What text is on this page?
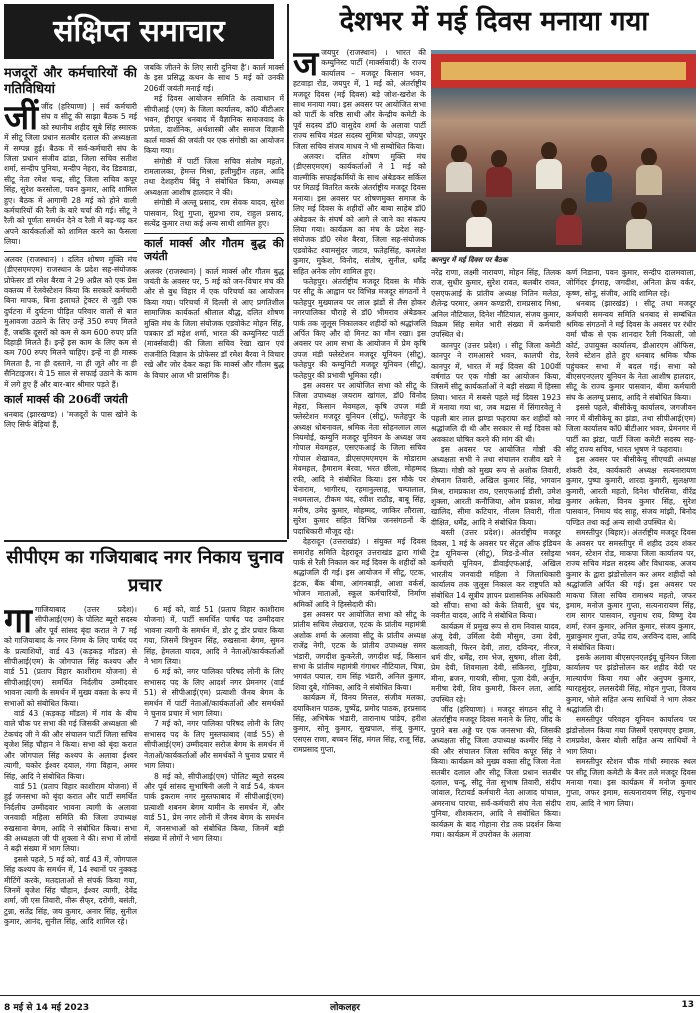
संक्षिप्त समाचार	देशभर में मई दिवस मनाया गया
मजदूरों और कर्मचारियों की गतिविधियां
जींजींद (हरियाणा) | सर्व कर्मचारी संघ व सीटू की साझा बैठक 5 मई को स्थानीय शहीद सूबे सिंह स्मारक में सीटू जिला प्रधान सतबीर दलाल की अध्यक्षता में सम्पन्न हुई। बैठक में सर्व-कर्मचारी संघ के जिला प्रधान संजीव ढांडा, जिला सचिव सतीश शर्मा, सन्दीप पुनिया, मन्दीप नेहरा, वेद डिडवाडा, सीटू नेता रमेश चन्द्र, सीटू जिला सचिव कपूर सिंह, सुरेश करसोला, पवन कुमार, आदि शामिल हुए। बैठक में आगामी 28 मई को होने वाली कर्मचारियों की रैली के बारे चर्चा की गई। सीटू ने रैली को पूर्णतः समर्थन देने व रैली में बढ़-चढ़ कर अपने कार्यकर्ताओं को शामिल करने का फैसला लिया।
अलवर (राजस्थान) । दलित शोषण मुक्ति मंच (डीएसएमएम) राजस्थान के प्रदेश सह-संयोजक प्रोफेसर डॉ रमेश बैरवा ने 29 अप्रैल को एक प्रेस वक्तव्य में रेलवेस्टेशन किया कि सरकारें कर्मचारी बिना मापक, बिना इलाचते ट्रेक्टर से जुड़ी एक दुर्घटना में दुर्घटना पीड़ित परिवार वालों से बात मुआवजा उठाने के लिए उन्हें 350 रुपए मिलते हैं, जबकि दूसरों को कम से कम 600 रुपए प्रति दिहाड़ी मिलते हैं। इन्हें इस काम के लिए कम से कम 700 रुपए मिलने चाहिए। इन्हें ना ही मास्क मिलता है, ना ही दस्ताने, ना ही जूते और ना ही सैनिटाइजर। ये 15 साल से सफाई उठाने के काम में लगे हुए हैं और बार-बार श्रीमार पड़ते हैं।
कार्ल मार्क्स की 206वीं जयंती
धनबाद (झारखण्ड) । 'मजदूरों के पास खोने के लिए सिर्फ बेड़ियां हैं,
जबकि जीतने के लिए सारी दुनिया है'। कार्ल मार्क्स के इस प्रसिद्ध कथन के साथ 5 मई को उनकी 206वीं जयंती मनाई गई।

मई दिवस आयोजन समिति के तत्वाधान में सीपीआई (एम) के जिला कार्यालय, कॉ0 बीटीआर भवन, हीरापुर धनबाद में वैज्ञानिक समाजवाद के प्रणेता, दार्शनिक, अर्थशास्त्री और समाज विज्ञानी कार्ल मार्क्स की जयंती पर एक संगोष्ठी का आयोजन किया गया।

संगोष्ठी में पार्टी जिला सचिव संतोष महतो, रामलालका, हेमन्त मिश्रा, हलीमुद्दीन तहल, आदि तथा देशहरीय बिंदु ने संबोधित किया, अध्यक्ष अध्यक्षता आशीष हालदार ने की।

संगोष्ठी में अल्लू प्रसाद, राम सेवक यादव, सुरेश पासवान, रिशु गुप्ता, सुप्रभा राय, राहुल प्रसाद, सत्येंद्र कुमार तथा कई अन्य साथी शामिल हुए।

कार्ल मार्क्स और गौतम बुद्ध की जयंती
अलवर (राजस्थान) | कार्ल मार्क्स और गौतम बुद्ध जयंती के अवसर पर, 5 मई को जन-विचार मंच की ओर से बुध विहार में एक परिचर्चा का आयोजन किया गया। परिचर्चा में दिल्ली से आए प्रगतिशील सामाजिक कार्यकर्ता श्रीलाल बौद्ध, दलित शोषण मुक्ति मंच के जिला संयोजक एडवोकेट मोहन सिंह, पत्रकार डॉ महेश शर्मा, भारत की कम्युनिस्ट पार्टी (मार्क्सवादी) की जिला सचिव रेखा खान एवं राजनीति विज्ञान के प्रोफेसर डॉ रमेश बैरवा ने विचार रखे और जोर देकर कहा कि मार्क्स और गौतम बुद्ध के विचार आज भी प्रासंगिक हैं।
सीपीएम का गजियाबाद नगर निकाय चुनाव प्रचार
गागाजियाबाद (उत्तर प्रदेश)। सीपीआई(एम) के पोलिट ब्यूरो सदस्य और पूर्व सांसद बृंदा करात ने 7 मई को गाजियाबाद के नगर निगम के लिए पार्षद पद के प्रत्याशियों, वार्ड 43 (कड़कड़ मॉडल) से सीपीआई(एम) के जोगपाल सिंह कश्यप और वार्ड 51 (प्रताप विहार काशीराम योजना) से सीपीआई(एम) समर्थित निर्दलीय उम्मीदवार भावना त्यागी के समर्थन में मुख्य वक्ता के रूप में सभाओं को संबोधित किया।

वार्ड 43 (कड़कड़ मॉडल) में गांव के बीच वाले चौक पर सभा की गई जिसकी अध्यक्षता श्री टेकचंद जी ने की और संचालन पार्टी जिला सचिव बृजेश सिंह चौहान ने किया। सभा को बृंदा करात और जोगपाल सिंह कश्यप के अलावा ईश्वर त्यागी, चकोर ईश्वर दयाल, गंगा विहान, अमर सिंह, आदि ने संबोधित किया।

वार्ड 51 (प्रताप विहार काशीराम योजना) में हुई जनसभा को बृंदा करात और पार्टी समर्थित निर्दलीय उम्मीदवार भावना त्यागी के अलावा जनवादी महिला समिति की जिला उपाध्यक्ष रुखसाना बेगम, आदि ने संबोधित किया। सभा की अध्यक्षता जी पी शुक्ला ने की। सभा में लोगों ने बढ़ी संख्या में भाग लिया।

इससे पहले, 5 मई को, वार्ड 43 में, जोगपाल सिंह कश्यप के समर्थन में, 14 स्थानों पर नुक्कड़ मीटिंगें करके, मतदाताओं से संपर्क किया गया, जिनमें बृजेश सिंह चौहान, ईश्वर त्यागी, देवेंद्र शर्मा, जी एस तिवारी, नीरू सैफ्‌र, दरोगी, बसंती, टुन्ना, सतेंद्र सिंह, जय कुमार, अनार सिंह, सुनील कुमार, आनंद, सुनील सिंह, आदि शामिल रहे।

6 मई को, वार्ड 51 (प्रताप विहार काशीराम योजना) में, पार्टी समर्थित पार्षद पद उम्मीदवार भावना त्यागी के समर्थन में, डोर टू डोर प्रचार किया गया, जिसमें त्रिभुवन सिंह, रुखसाना बेगम, सुमन सिंह, हेमलता यादव, आदि ने नेताओं/कार्यकर्ताओं ने भाग लिया।

6 मई को, नगर पालिका परिषद लोनी के लिए सभासद पद के लिए आदर्श नगर प्रेमनगर (वार्ड 51) से सीपीआई(एम) प्रत्याशी जैनब बेगम के समर्थन में पार्टी नेताओं/कार्यकर्ताओं और समर्थकों ने चुनाव प्रचार में भाग लिया।

7 मई को, नगर पालिका परिषद लोनी के लिए सभासद पद के लिए मुस्तफाबाद (वार्ड 55) से सीपीआई(एम) उम्मीदवार सरोज बेगम के समर्थन में नेताओं/कार्यकर्ताओं और समर्थकों ने चुनाव प्रचार में भाग लिया।

8 मई को, सीपीआई(एम) पोलिट ब्यूरो सदस्य और पूर्व सांसद सुभाषिनी अली ने वार्ड 54, कंचन पार्क इकराम नगर मुस्तफाबाद में सीपीआई(एम) प्रत्याशी शबनम बेगम यामीन के समर्थन में, और वार्ड 51, प्रेम नगर लोनी में जैनब बेगम के समर्थन में, जनसभाओं को संबोधित किया, जिनमें बड़ी संख्या में लोगों ने भाग लिया।

जजयपुर (राजस्थान) । भारत की कम्युनिस्ट पार्टी (मार्क्सवादी) के राज्य कार्यालय – मजदूर किसान भवन, हटवाड़ा रोड, जयपुर में, 1 मई को, अंतर्राष्ट्रीय मजदूर दिवस (मई दिवस) बड़े जोश-खरोश के साथ मनाया गया। इस अवसर पर आयोजित सभा को पार्टी के वरिष्ठ साथी और केन्द्रीय कमेटी के पूर्व सदस्य डॉ0 वासुदेव शर्मा के अलावा पार्टी राज्य सचिव मंडल सदस्य सुमित्रा चोपड़ा, जयपुर जिला सचिव संजय माधव ने भी सम्बोधित किया।

अलवर। दलित शोषण मुक्ति मंच (डीएसएमएम) कार्यकर्ताओं ने 1 मई को वाल्मीकि सफाईकर्मियों के साथ अंबेडकर सर्किल पर मिठाई वितरित करके अंतर्राष्ट्रीय मजदूर दिवस मनाया। इस अवसर पर शोषणमुक्त समाज के लिए मई दिवस के शहीदों और बाबा साहेब डॉ0 अंबेडकर के संघर्ष को आगे ले जाने का संकल्प लिया गया। कार्यक्रम का मंच के प्रदेश सह-संयोजक डॉ0 रमेश बैरवा, जिला सह-संयोजक एडवोकेट श्यामसुंदर जाटव, फतेहसिंह, कमलेश कुमार, मुकेश, विनोद, संतोष, सुनील, धर्मेंद्र सहित अनेक लोग शामिल हुए।

फतेहपुर। अंतर्राष्ट्रीय मजदूर दिवस के मौके पर सीटू के आह्वान पर विभिन्न मजदूर संगठनों ने फतेहपुर मुख्यालय पर लाल झंडों से लैस होकर नगरपालिका चौराहे से डॉ0 भीमराव अंबेडकर पार्क तक जुलूस निकालकर शहीदों को श्रद्धांजलि अर्पित किए और दो मिनट का मौन रखा। इस अवसर पर आम सभा के आयोजन में प्रेम कृषि उपज मंडी फ्लेस्टेशन मजदूर यूनियन (सीटू), फतेहपुर की कम्युनिटी मजदूर यूनियन (सीटू), फतेहपुर की प्रभावी भूमिका रही।

इस अवसर पर आयोजित सभा को सीटू के जिला उपाध्यक्ष जयराम खांगल, डॉ0 विनोद मेहरा, किसान मेवमहल, कृषि उपज मंडी फ्लेस्टेशन मजदूर यूनियन (सीटू), फतेहपुर के अध्यक्ष धोबनावल, श्रमिक नेता सोहनलाल लाल नियमोई, कम्युनि मजदूर यूनियन के अध्यक्ष जय गोपाल मेवमहल, एसएफआई के जिला सचिव गोपाल शेखावत, डीएसएमएमएम के मोडाराम मेवमहल, हैमाराम बेरवा, भरत छीला, मोहम्मद रफी, आदि ने संबोधित किया। इस मौके पर चेनाराम, भागीरथ, रहमानुल्लाह, चम्पालाल, नथमलाल, टीकम चंद, रवीश राठौड़, बाबू सिंह, मनीष, उमेद कुमार, मोहम्मद, जाकिर लौराला, सुरेश कुमार सहित विभिन्न जनसंगठनों के पदाधिकारी मौजूद रहे।

देहरादून (उत्तराखंड) । संयुक्त मई दिवस समारोह समिति देहरादून उत्तराखंड द्वारा गांधी पार्क से रैली निकाल कर मई दिवस के शहीदों को श्रद्धांजलि दी गई। इस आयोजन में सीटू, एटक, इंटक, बैंक बीमा, आंगनबाड़ी, आशा वर्कर्स, भोजन माताओं, स्कूल कर्मचारियों, निर्माण श्रमिकों आदि ने हिस्सेदारी की।

इस अवसर पर आयोजित सभा को सीटू के प्रांतीय सचिव लेखराज, एटक के प्रांतीय महामंत्री अशोक शर्मा के अलावा सीटू के प्रांतीय अध्यक्ष राजेंद्र नेगी, एटक के प्रांतीय उपाध्यक्ष समर भंडारी, जगदीश कुकरेती, जगदीश घई, किसान सभा के प्रांतीय महामंत्री गंगाधर नौटियाल, चित्रा, भगवंत पयाल, राम सिंह भंडारी, अनिल कुमार, शिवा दुबे, गोनिका, आदि ने संबोधित किया।

कार्यक्रम में, विनय मित्तल, संजीव मलका, दयाकिशन पाठक, पुष्पेंद्र, प्रमोद पाठक, हरप्रसाद सिंह, अभिषेक भंडारी, तारानाथ पांडेय, हरीश कुमार, सोनू कुमार, सुखपाल, संजू कुमार, एसएस राणा, बच्चन सिंह, मंगल सिंह, राजू सिंह, रामप्रसाद गुप्ता,

कानपुर में मई दिवस पर बैठक
नरेंद्र राणा, लक्ष्मी नारायण, मोहन सिंह, तिलक राज, सुधीर कुमार, सुरेश रावत, बलबीर रावत, एसएफआई के प्रांतीय अध्यक्ष नितिन मलेठा, शैलेन्द्र परमार, अमन कण्डारी, रामप्रसाद मिश्रा, अनिल नौटियाल, दिनेश नौटियाल, संजय कुमार, विक्रम सिंह समेत भारी संख्या में कर्मचारी उपस्थित थे।

कानपुर (उत्तर प्रदेश) । सीटू जिला कमेटी कानपुर ने रामआसरे भवन, कालपी रोड, कानपुर में, भारत में मई दिवस की 100वीं वर्षगांठ पर एक गोष्ठी का आयोजन किया, जिसमें सीटू कार्यकर्ताओं ने बड़ी संख्या में हिस्सा लिया। भारत में सबसे पहले मई दिवस 1923 में मनाया गया था, जब मद्रास में सिंगारवेलू ने पहली बार लाल झण्डा फहराया कर शहीदों को श्रद्धांजलि दी थी और सरकार से मई दिवस को अवकाश घोषित करने की मांग की थी।

इस अवसर पर आयोजित गोष्ठी की अध्यक्षता सभी ने तथा संचालन राजीव खरे ने किया। गोष्ठी को मुख्य रूप से अशोक तिवारी, शेषनाग तिवारी, अखिल कुमार सिंह, भगवान मिश्र, रामप्रकाश राय, एसएफआई डीसी, उमेश शुक्ला, आरती कनौजिया, ओम प्रकाश, मोख खालिद, सीमा कटियार, नीलम तिवारी, गीता दीक्षित, धर्मेंद्र, आदि ने संबोधित किया।

बस्ती (उत्तर प्रदेश)। अंतर्राष्ट्रीय मजदूर दिवस, 1 मई के अवसर पर सेंट्रल ऑफ इंडियन ट्रेड यूनियन्स (सीटू), मिड-डे-मील रसोइया कर्मचारी यूनियन, डीवाईएफआई, अखिल भारतीय जनवादी महिला ने जिलाधिकारी कार्यालय तक जुलूस निकाल कर राष्ट्रपति को संबोधित 14 सूत्रीय ज्ञापन प्रशासनिक अधिकारी को सौंपा। सभा को केके तिवारी, धुव चंद, नवनीत यादव, आदि ने संबोधित किया।

कार्यक्रम में प्रमुख रूप से राम निवास यादव, अंजू देवी, उर्मिला देवी मौसुम, उमा देवी, कलावती, फिरन देवी, तारा, दविन्दर, नीरज, धर्म वीर, धर्मेंद्र, राम भेज, सुषमा, शीला देवी, प्रेम देवी, शिवमाला देवी, संकिनरा, गुड़िया, मीना, ब्रजन, गायत्री, सीमा, पूजा देवी, अर्जुन, मनीषा देवी, शिव कुमारी, किरन लता, आदि उपस्थित रहे।

जींद (हरियाणा) । मजदूर संगठन सीटू ने अंतर्राष्ट्रीय मजदूर दिवस मनाने के लिए, जींद के पुराने बस अड्डे पर एक जनसभा की, जिसकी अध्यक्षता सीटू जिला उपाध्यक्ष कश्मीर सिंह ने की और संचालन जिला सचिव कपूर सिंह ने किया। कार्यक्रम को मुख्य वक्ता सीटू जिला नेता सतबीर दलाल और सीटू जिला प्रधान सतबीर दलाल, चन्दू, सीटू नेता सुभाष तिवारी, संदीप जांवाल, रिटायर्ड कर्मचारी नेता आजाद पांचाल, अमरनाथ पारचा, सर्व-कर्मचारी संघ नेता संदीप पुनिया, शीशकरान, आदि ने संबोधित किया। कार्यक्रम के बाद गोहाना रोड तक प्रदर्शन किया गया। कार्यक्रम में उपरोक्त के अलावा

कर्ण निडाना, पवन कुमार, सन्दीप दालमवाला, जोगिंदर ईगराह, जगदीश, अनिता क्रेच वर्कर, कृष्ण, सोनू, संजीव, आदि शामिल रहे।

धनबाद (झारखंड) । सीटू तथा मजदूर कर्मचारी समन्वय समिति धनबाद से सम्बंधित श्रमिक संगठनों ने मई दिवस के अवसर पर रंधीर वर्मा चौक से एक शानदार रैली निकाली, जो कोर्ट, उपायुक्त कार्यालय, डीआरएम ऑफिस, रेलवे स्टेशन होते हुए धनबाद श्रमिक चौक पहुंचकर सभा में बदल गई। सभा को बीएसएनएलए यूनियन के नेता आशीष हालदार, सीटू के राज्य कुमार पासवान, बीमा कर्मचारी संघ के अलग्यू प्रसाद, आदि ने संबोधित किया।

इससे पहले, बीसीकेयू कार्यालय, जगजीवन नगर में बीसीकेयू का झंडा, तथा सीपीआई(एम) जिला कार्यालय कॉ0 बीटीआर भवन, प्रेमनगर में पार्टी का झंडा, पार्टी जिला कमेटी सदस्य सह-सीटू राज्य सचिव, भारत भूषण ने फहराया।

इस अवसर पर बीसीकेयू सीएचडी अध्यक्ष शंकरी देव, कार्यकारी अध्यक्ष सत्यनारायण कुमार, पुष्पा कुमारी, शारदा कुमारी, सुलक्षणा कुमारी, आरती महतो, दिनेश चौरसिया, वीरेंद्र कुमार अकेला, विनय कुमार सिंह, सुरेश पासवान, निमाय चंद साहू, संजय मांझी, बिनोद पण्डित तथा कई अन्य साथी उपस्थित थे।

समस्तीपुर (बिहार)। अंतर्राष्ट्रीय मजदूर दिवस के अवसर पर समस्तीपुर में शहीद उदय शंकर भवन, स्टेशन रोड, माकपा जिला कार्यालय पर, राज्य सचिव मंडल सदस्य और विधायक, अजय कुमार के द्वारा झंडोत्तोलन कर अमर शहीदों को श्रद्धांजलि अर्पित की गई। इस अवसर पर माकपा जिला सचिव रामाश्रय महतो, जफर इमाम, मनोज कुमार गुप्ता, सत्यनारायण सिंह, राम सागर पासवान, रघुनाथ राय, विष्णु देव शर्मा, रंजन कुमार, अनिल कुमार, संजय कुमार, मुन्नाकुमार गुप्ता, उपेंद्र राय, अरविन्द दास, आदि ने संबोधित किया।

इसके अलावा बीएसएनएलईयू यूनियन जिला कार्यालय पर झंडोत्तोलन कर शहीद वेदी पर माल्यार्पण किया गया और अनुपम कुमार, ग्यारहसुंदर, ललसदेवी सिंह, मोहन गुप्ता, विजय कुमार, भोले सहित अन्य साथियों ने भाग लेकर श्रद्धांजलि दी।

समस्तीपुर परिवहन यूनियन कार्यालय पर झंडोत्तोलन किया गया जिसमें एसएमएए इमाम, रामप्रवेश, केसर बोली सहित अन्य साथियों ने भाग लिया।

समस्तीपुर स्टेशन चौक गांधी स्मारक स्थल पर सीटू जिला कमेटी के बैनर तले मजदूर दिवस मनाया गया। इस कार्यक्रम में मनोज कुमार गुप्ता, जफर इमाम, सत्यनारायण सिंह, रघुनाथ राय, आदि ने भाग लिया।

8 मई से 14 मई 2023	लोकलहर	13
